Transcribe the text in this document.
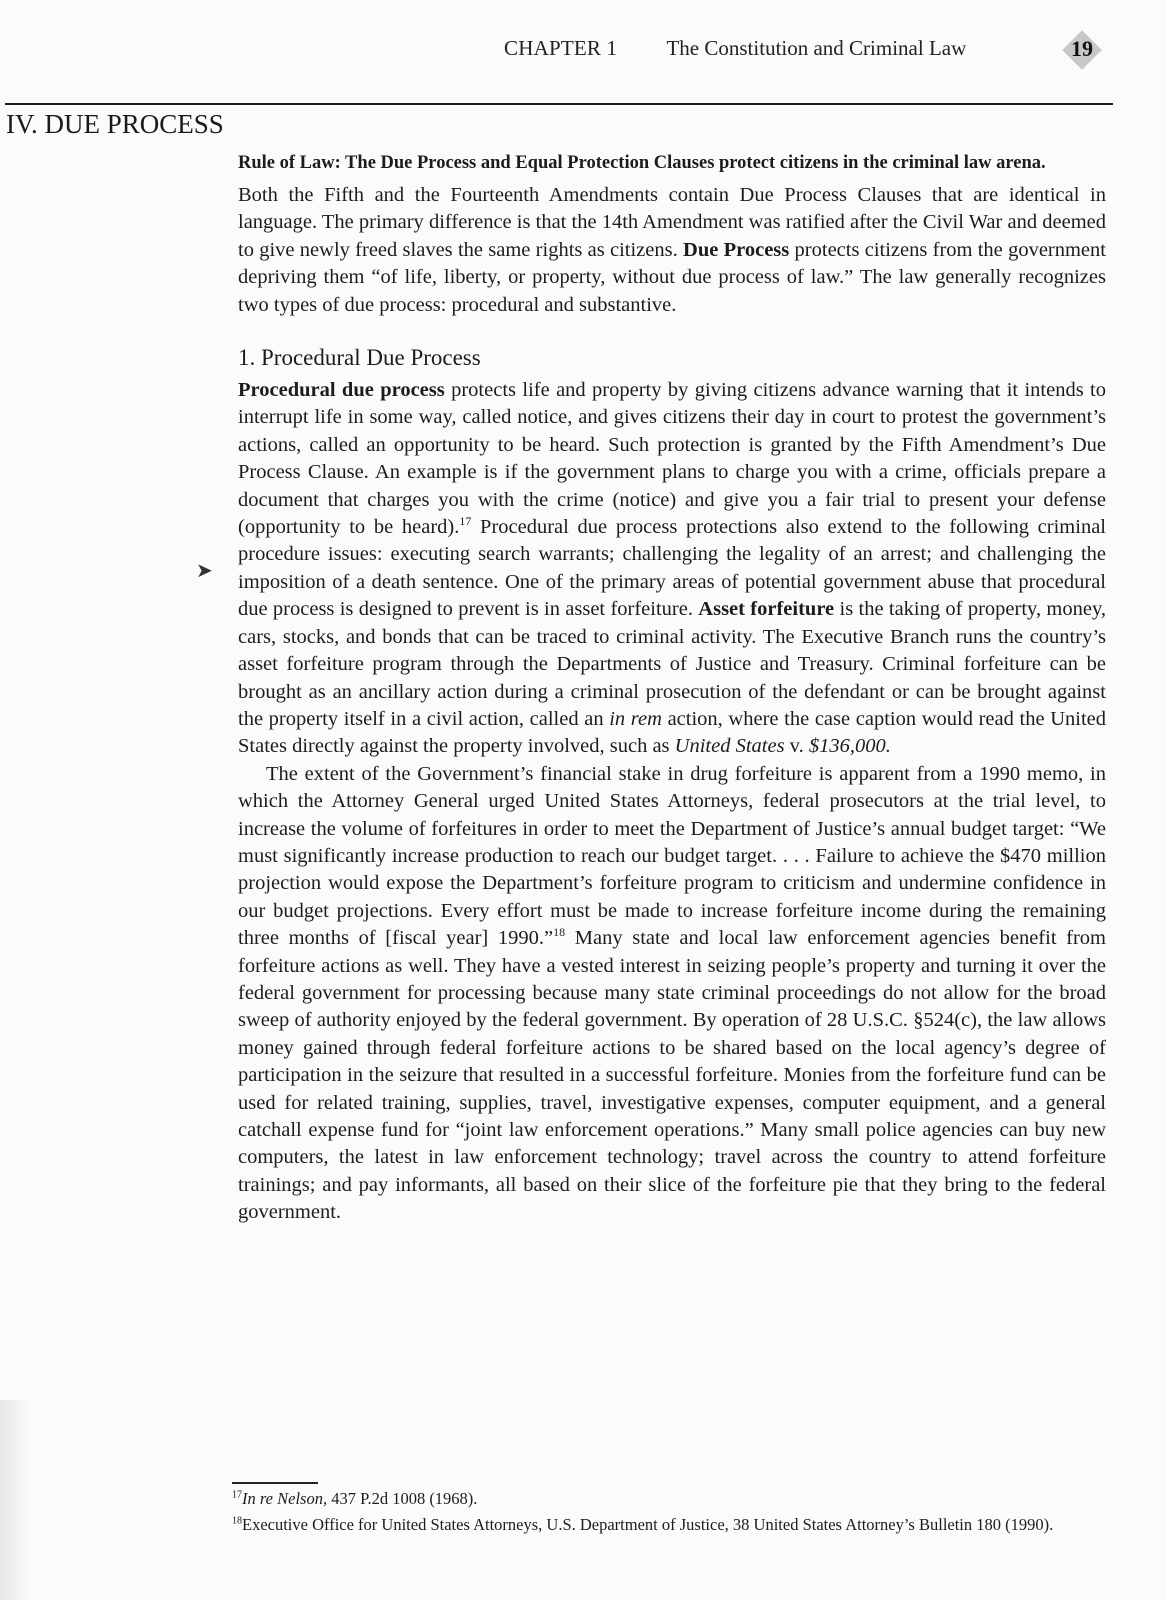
CHAPTER 1 The Constitution and Criminal Law	19
IV. DUE PROCESS
➤

Rule of Law: The Due Process and Equal Protection Clauses protect citizens in the criminal law arena.

Both the Fifth and the Fourteenth Amendments contain Due Process Clauses that are identical in language. The primary difference is that the 14th Amendment was ratified after the Civil War and deemed to give newly freed slaves the same rights as citizens. Due Process protects citizens from the government depriving them “of life, liberty, or property, without due process of law.” The law generally recognizes two types of due process: procedural and substantive.

1. Procedural Due Process

Procedural due process protects life and property by giving citizens advance warning that it intends to interrupt life in some way, called notice, and gives citizens their day in court to protest the government’s actions, called an opportunity to be heard. Such protection is granted by the Fifth Amendment’s Due Process Clause. An example is if the government plans to charge you with a crime, officials prepare a document that charges you with the crime (notice) and give you a fair trial to present your defense (opportunity to be heard).$^{17}$ Procedural due process protections also extend to the following criminal procedure issues: executing search warrants; challenging the legality of an arrest; and challenging the imposition of a death sentence. One of the primary areas of potential government abuse that procedural due process is designed to prevent is in asset forfeiture. Asset forfeiture is the taking of property, money, cars, stocks, and bonds that can be traced to criminal activity. The Executive Branch runs the country’s asset forfeiture program through the Departments of Justice and Treasury. Criminal forfeiture can be brought as an ancillary action during a criminal prosecution of the defendant or can be brought against the property itself in a civil action, called an in rem action, where the case caption would read the United States directly against the property involved, such as United States v. $136,000.

The extent of the Government’s financial stake in drug forfeiture is apparent from a 1990 memo, in which the Attorney General urged United States Attorneys, federal prosecutors at the trial level, to increase the volume of forfeitures in order to meet the Department of Justice’s annual budget target: “We must significantly increase production to reach our budget target. . . . Failure to achieve the $470 million projection would expose the Department’s forfeiture program to criticism and undermine confidence in our budget projections. Every effort must be made to increase forfeiture income during the remaining three months of [fiscal year] 1990.”$^{18}$ Many state and local law enforcement agencies benefit from forfeiture actions as well. They have a vested interest in seizing people’s property and turning it over the federal government for processing because many state criminal proceedings do not allow for the broad sweep of authority enjoyed by the federal government. By operation of 28 U.S.C. §524(c), the law allows money gained through federal forfeiture actions to be shared based on the local agency’s degree of participation in the seizure that resulted in a successful forfeiture. Monies from the forfeiture fund can be used for related training, supplies, travel, investigative expenses, computer equipment, and a general catchall expense fund for “joint law enforcement operations.” Many small police agencies can buy new computers, the latest in law enforcement technology; travel across the country to attend forfeiture trainings; and pay informants, all based on their slice of the forfeiture pie that they bring to the federal government.

$^{17}$In re Nelson, 437 P.2d 1008 (1968).

$^{18}$Executive Office for United States Attorneys, U.S. Department of Justice, 38 United States Attorney’s Bulletin 180 (1990).
